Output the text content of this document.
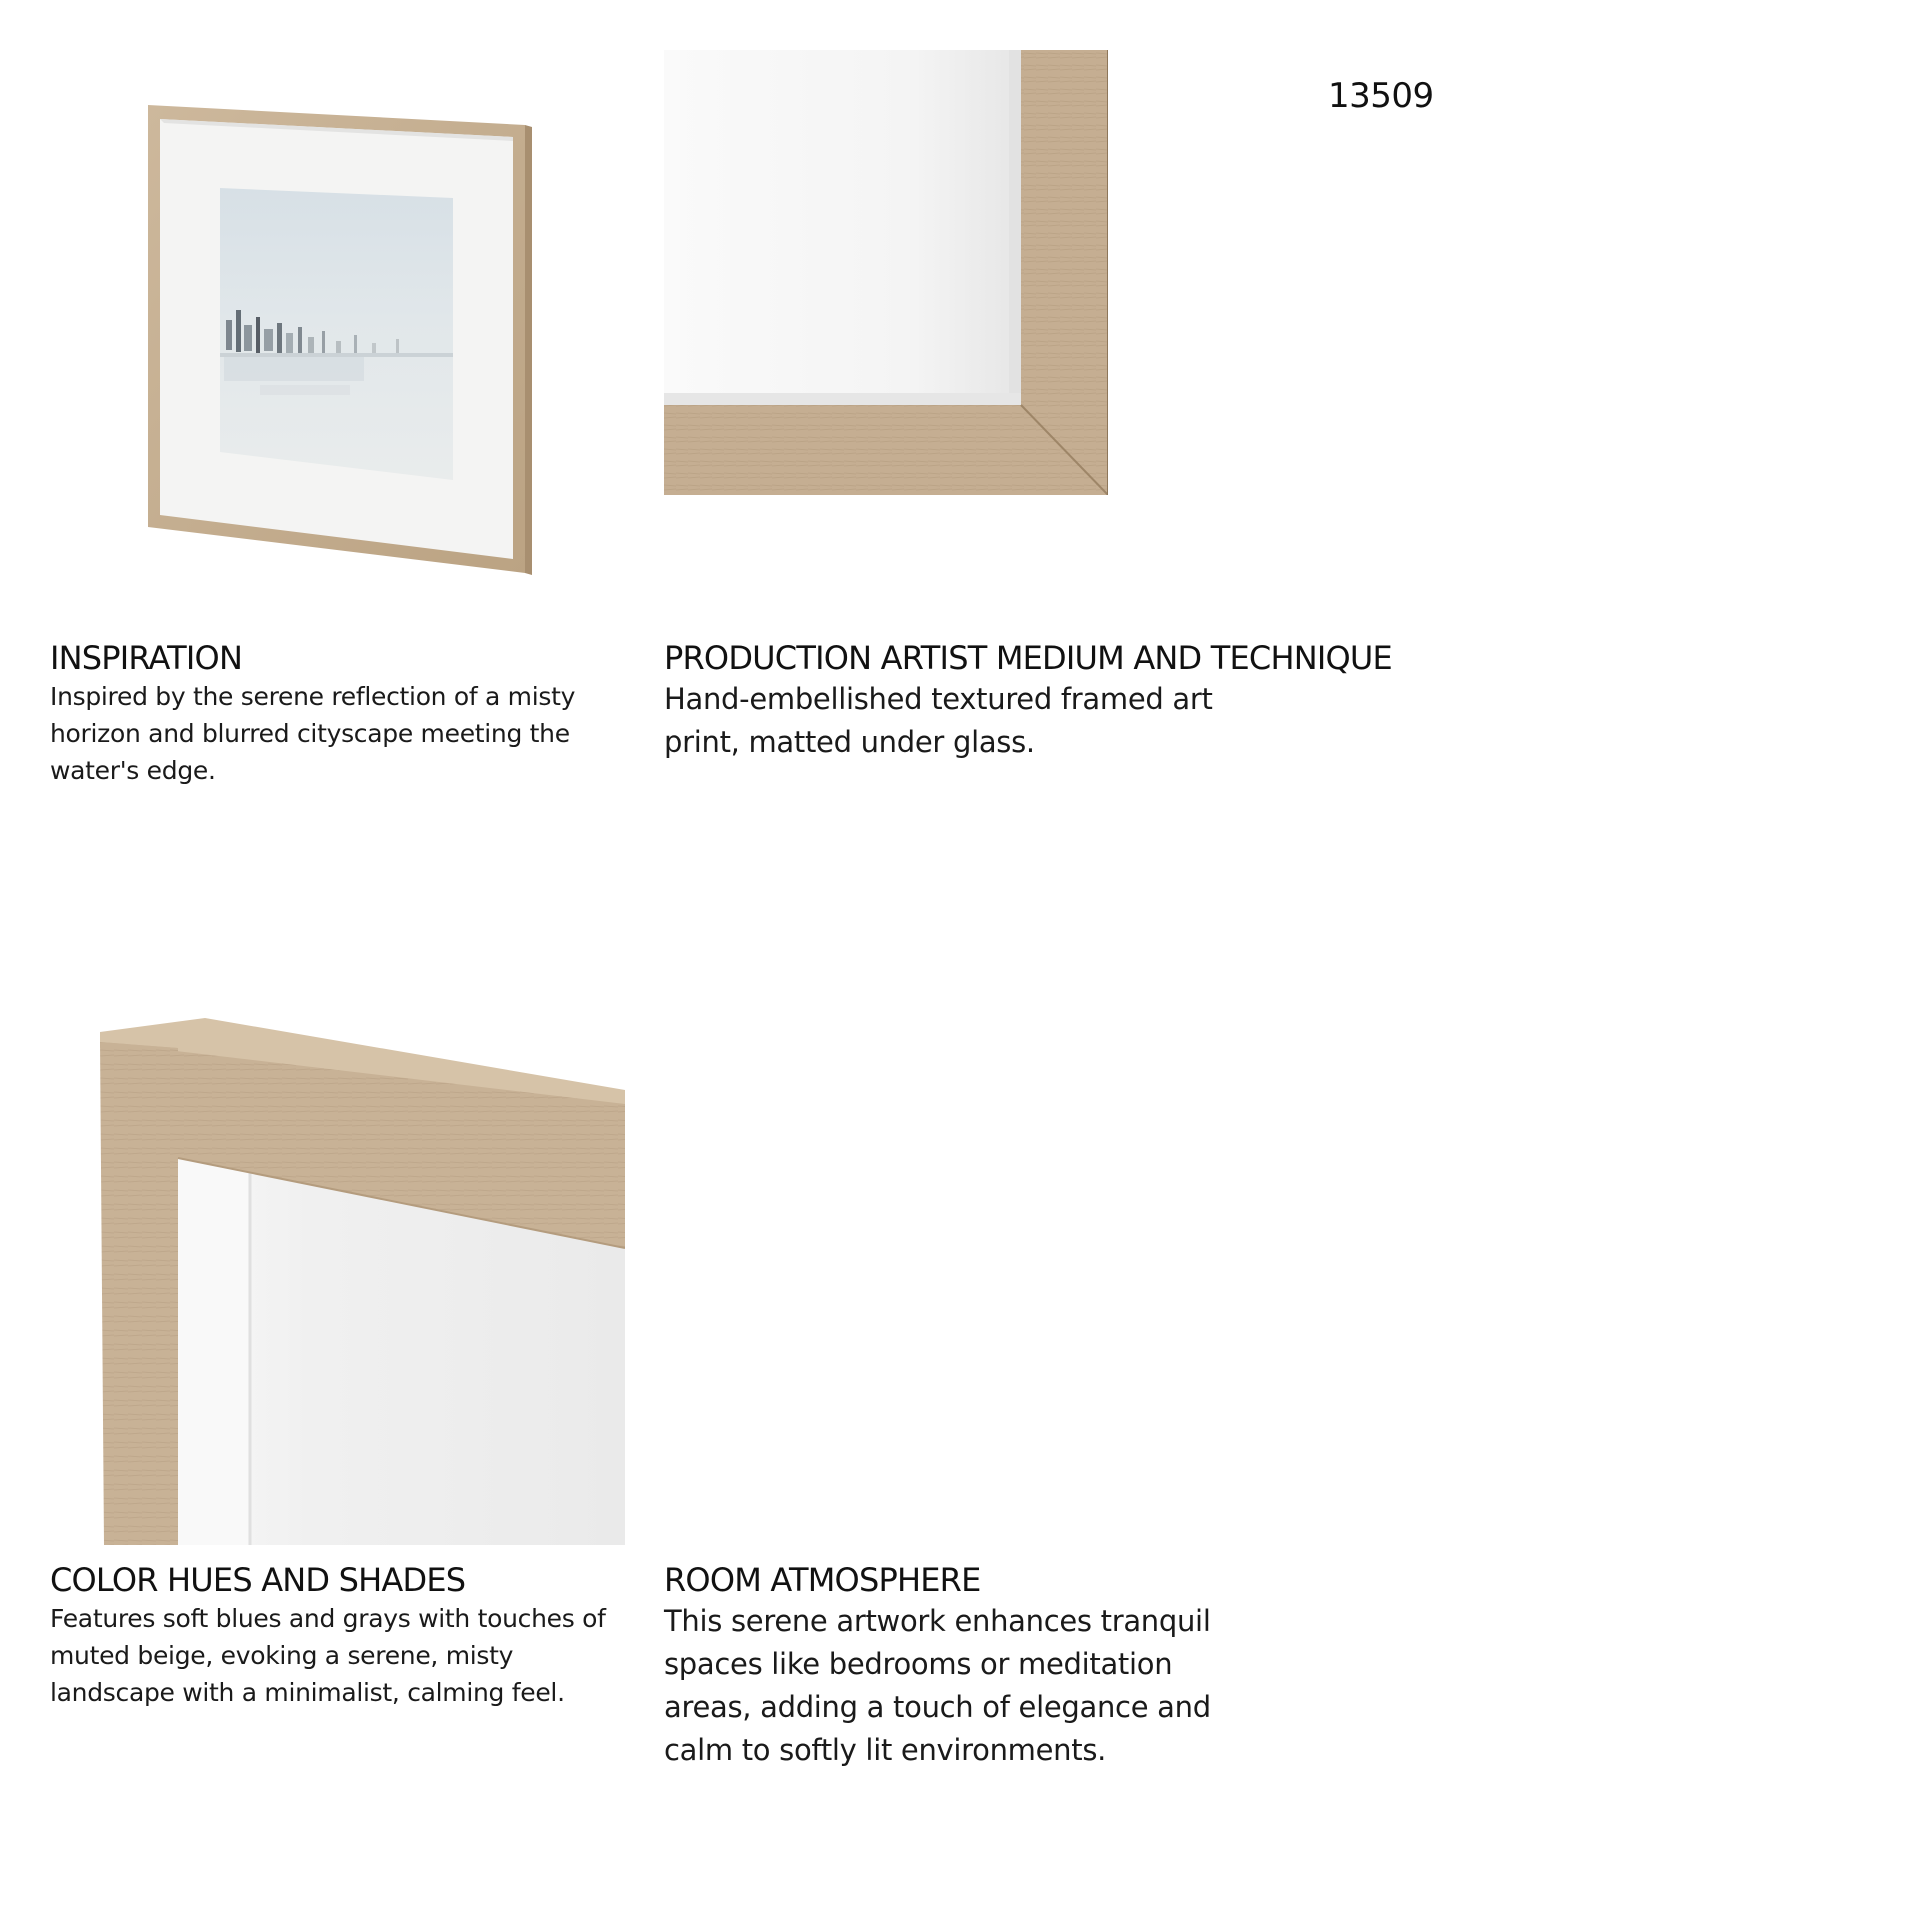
13509
INSPIRATION

Inspired by the serene reflection of a misty horizon and blurred cityscape meeting the water's edge.

PRODUCTION ARTIST MEDIUM AND TECHNIQUE

Hand-embellished textured framed art print, matted under glass.

COLOR HUES AND SHADES

Features soft blues and grays with touches of muted beige, evoking a serene, misty landscape with a minimalist, calming feel.

ROOM ATMOSPHERE

This serene artwork enhances tranquil spaces like bedrooms or meditation areas, adding a touch of elegance and calm to softly lit environments.
